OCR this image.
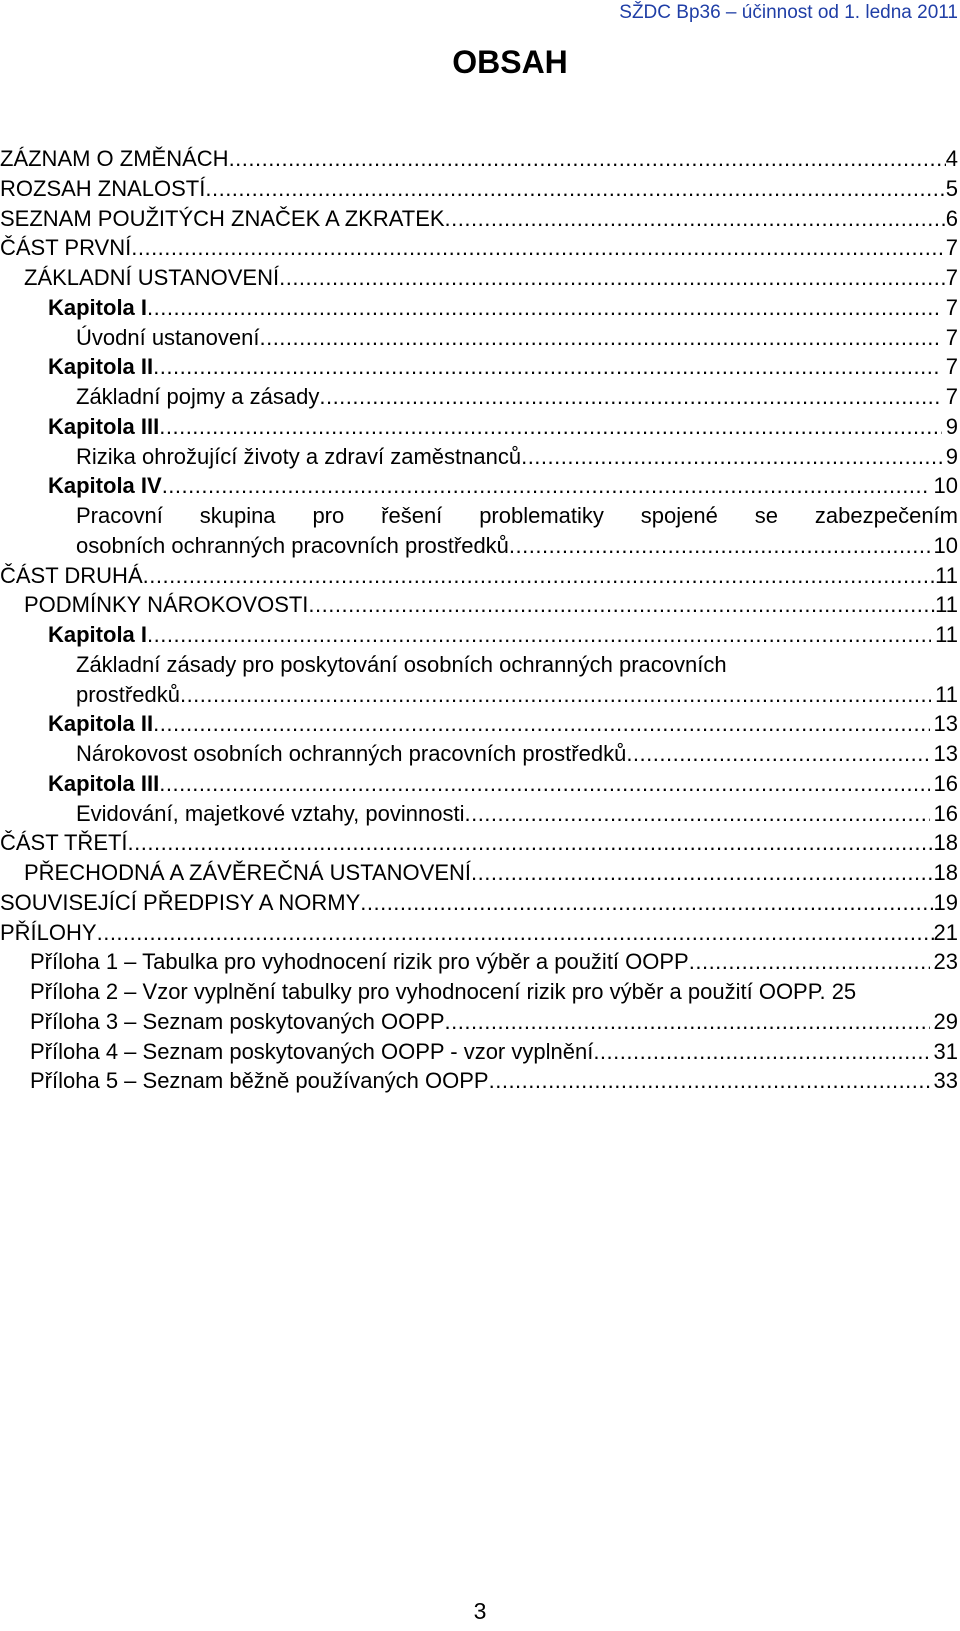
SŽDC Bp36 – účinnost od 1. ledna 2011
OBSAH
ZÁZNAM O ZMĚNÁCH .....	4
ROZSAH ZNALOSTÍ .....	5
SEZNAM POUŽITÝCH ZNAČEK A ZKRATEK .....	6
ČÁST PRVNÍ .....	7
ZÁKLADNÍ USTANOVENÍ .....	7
Kapitola I .....	7
Úvodní ustanovení .....	7
Kapitola II .....	7
Základní pojmy a zásady .....	7
Kapitola III .....	9
Rizika ohrožující životy a zdraví zaměstnanců .....	9
Kapitola IV .....	10
Pracovní skupina pro řešení problematiky spojené se zabezpečením
osobních ochranných pracovních prostředků .....	10
ČÁST DRUHÁ .....	11
PODMÍNKY NÁROKOVOSTI .....	11
Kapitola I .....	11
Základní zásady pro poskytování osobních ochranných pracovních
prostředků .....	11
Kapitola II .....	13
Nárokovost osobních ochranných pracovních prostředků .....	13
Kapitola III .....	16
Evidování, majetkové vztahy, povinnosti .....	16
ČÁST TŘETÍ .....	18
PŘECHODNÁ A ZÁVĚREČNÁ USTANOVENÍ .....	18
SOUVISEJÍCÍ PŘEDPISY A NORMY .....	19
PŘÍLOHY .....	21
Příloha 1 – Tabulka pro vyhodnocení rizik pro výběr a použití OOPP .....	23
Příloha 2 – Vzor vyplnění tabulky pro vyhodnocení rizik pro výběr a použití OOPP. 25
Příloha 3 – Seznam poskytovaných OOPP .....	29
Příloha 4 – Seznam poskytovaných OOPP - vzor vyplnění .....	31
Příloha 5 – Seznam běžně používaných OOPP .....	33
3
